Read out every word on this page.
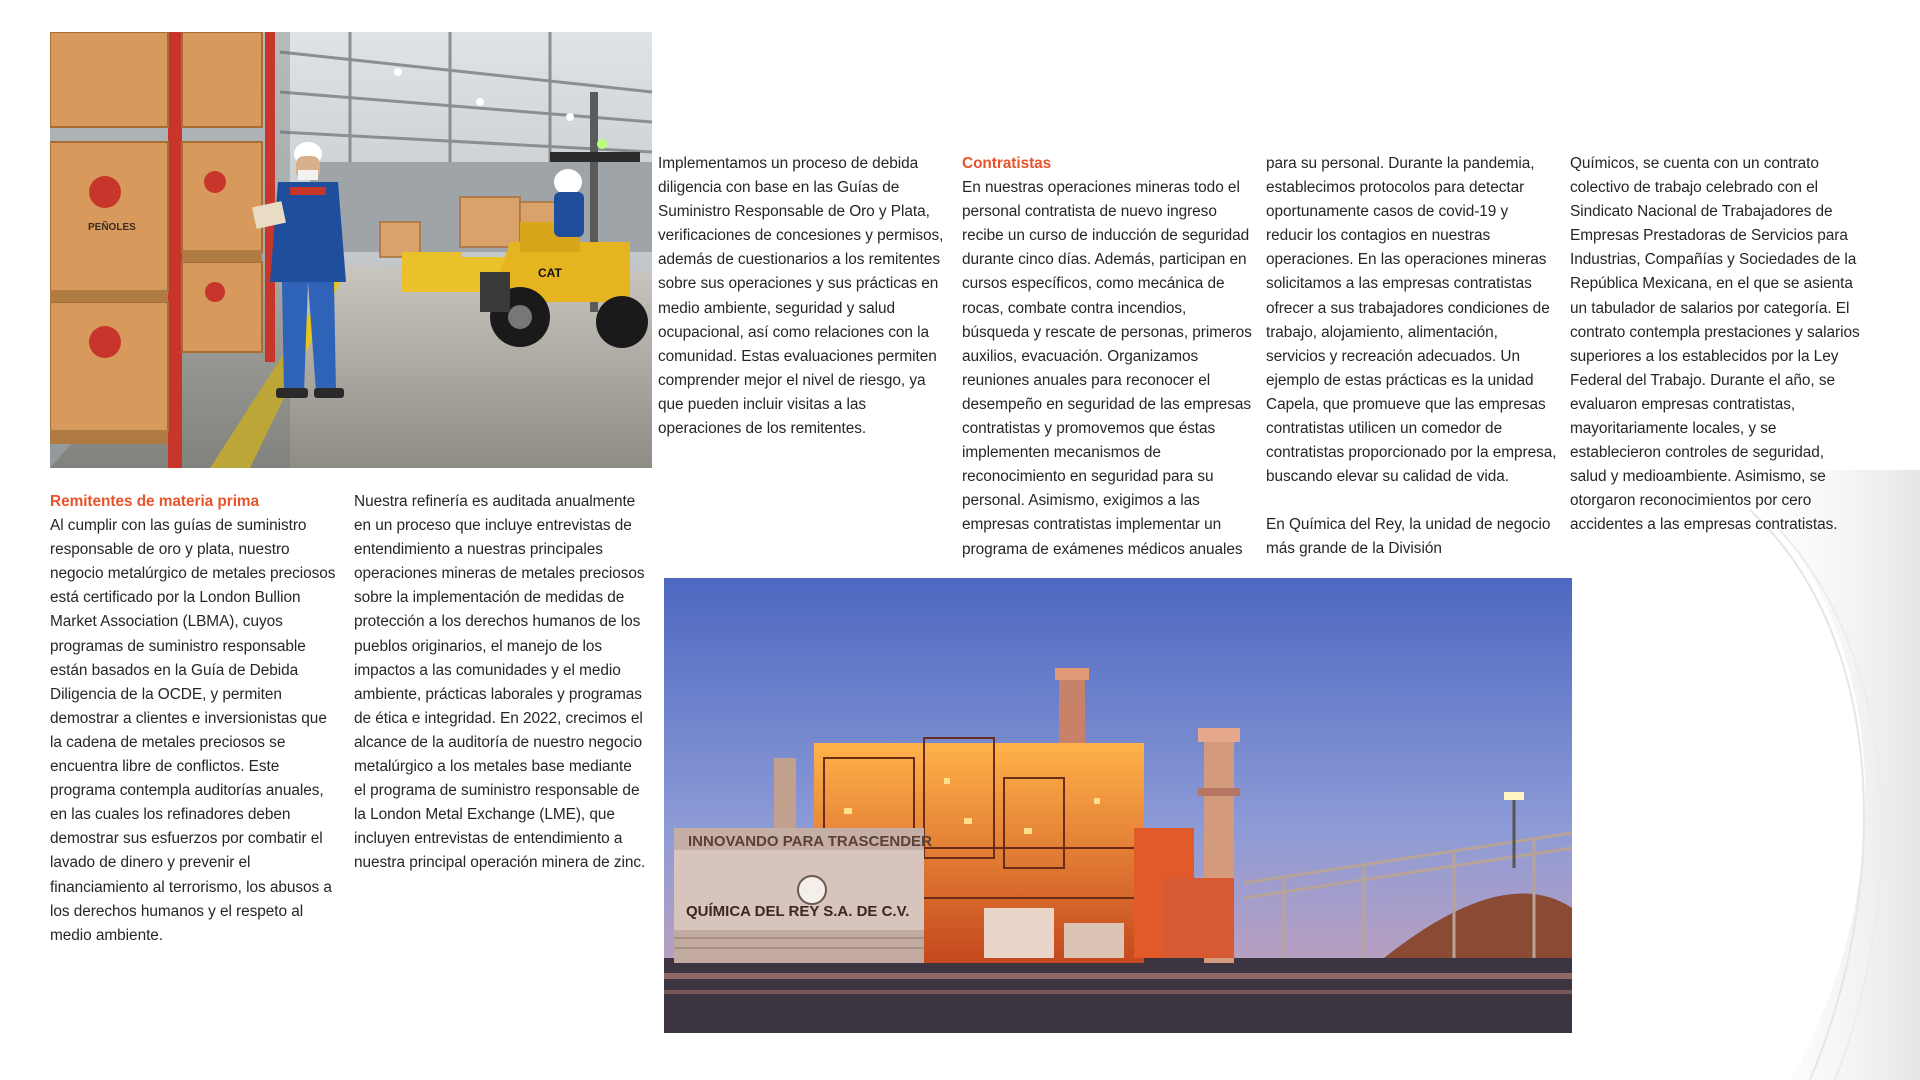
PEÑOLES
CAT
INNOVANDO PARA TRASCENDER
QUÍMICA DEL REY S.A. DE C.V.

Remitentes de materia prima
Al cumplir con las guías de suministro responsable de oro y plata, nuestro negocio metalúrgico de metales preciosos está certificado por la London Bullion Market Association (LBMA), cuyos programas de suministro responsable están basados en la Guía de Debida Diligencia de la OCDE, y permiten demostrar a clientes e inversionistas que la cadena de metales preciosos se encuentra libre de conflictos. Este programa contempla auditorías anuales, en las cuales los refinadores deben demostrar sus esfuerzos por combatir el lavado de dinero y prevenir el financiamiento al terrorismo, los abusos a los derechos humanos y el respeto al medio ambiente.

Nuestra refinería es auditada anualmente en un proceso que incluye entrevistas de entendimiento a nuestras principales operaciones mineras de metales preciosos sobre la implementación de medidas de protección a los derechos humanos de los pueblos originarios, el manejo de los impactos a las comunidades y el medio ambiente, prácticas laborales y programas de ética e integridad. En 2022, crecimos el alcance de la auditoría de nuestro negocio metalúrgico a los metales base mediante el programa de suministro responsable de la London Metal Exchange (LME), que incluyen entrevistas de entendimiento a nuestra principal operación minera de zinc.

Implementamos un proceso de debida diligencia con base en las Guías de Suministro Responsable de Oro y Plata, verificaciones de concesiones y permisos, además de cuestionarios a los remitentes sobre sus operaciones y sus prácticas en medio ambiente, seguridad y salud ocupacional, así como relaciones con la comunidad. Estas evaluaciones permiten comprender mejor el nivel de riesgo, ya que pueden incluir visitas a las operaciones de los remitentes.

Contratistas
En nuestras operaciones mineras todo el personal contratista de nuevo ingreso recibe un curso de inducción de seguridad durante cinco días. Además, participan en cursos específicos, como mecánica de rocas, combate contra incendios, búsqueda y rescate de personas, primeros auxilios, evacuación. Organizamos reuniones anuales para reconocer el desempeño en seguridad de las empresas contratistas y promovemos que éstas implementen mecanismos de reconocimiento en seguridad para su personal. Asimismo, exigimos a las empresas contratistas implementar un programa de exámenes médicos anuales

para su personal. Durante la pandemia, establecimos protocolos para detectar oportunamente casos de covid-19 y reducir los contagios en nuestras operaciones. En las operaciones mineras solicitamos a las empresas contratistas ofrecer a sus trabajadores condiciones de trabajo, alojamiento, alimentación, servicios y recreación adecuados. Un ejemplo de estas prácticas es la unidad Capela, que promueve que las empresas contratistas utilicen un comedor de contratistas proporcionado por la empresa, buscando elevar su calidad de vida.

En Química del Rey, la unidad de negocio más grande de la División

Químicos, se cuenta con un contrato colectivo de trabajo celebrado con el Sindicato Nacional de Trabajadores de Empresas Prestadoras de Servicios para Industrias, Compañías y Sociedades de la República Mexicana, en el que se asienta un tabulador de salarios por categoría. El contrato contempla prestaciones y salarios superiores a los establecidos por la Ley Federal del Trabajo. Durante el año, se evaluaron empresas contratistas, mayoritariamente locales, y se establecieron controles de seguridad, salud y medioambiente. Asimismo, se otorgaron reconocimientos por cero accidentes a las empresas contratistas.
